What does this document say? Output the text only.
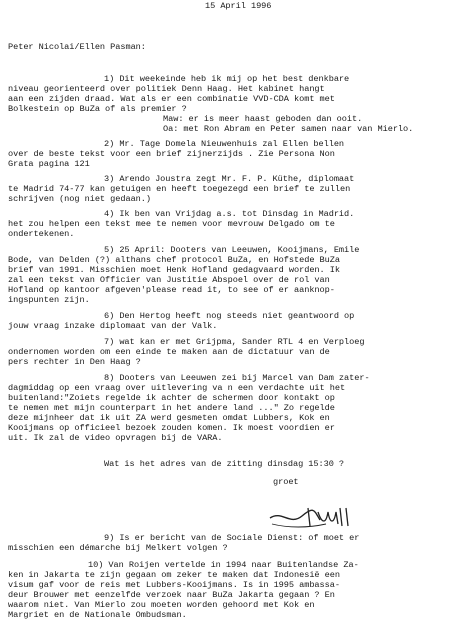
15 April 1996
Peter Nicolai/Ellen Pasman:
1) Dit weekeinde heb ik mij op het best denkbare
niveau georienteerd over politiek Denn Haag. Het kabinet hangt
aan een zijden draad. Wat als er een combinatie VVD-CDA komt met
Bolkestein op BuZa of als premier ?
Maw: er is meer haast geboden dan ooit.
Oa: met Ron Abram en Peter samen naar van Mierlo.
2) Mr. Tage Domela Nieuwenhuis zal Ellen bellen
over de beste tekst voor een brief zijnerzijds . Zie Persona Non
Grata pagina 121
3) Arendo Joustra zegt Mr. F. P. Küthe, diplomaat
te Madrid 74-77 kan getuigen en heeft toegezegd een brief te zullen
schrijven (nog niet gedaan.)
4) Ik ben van Vrijdag a.s. tot Dinsdag in Madrid.
het zou helpen een tekst mee te nemen voor mevrouw Delgado om te
ondertekenen.
5) 25 April: Dooters van Leeuwen, Kooijmans, Emile
Bode, van Delden (?) althans chef protocol BuZa, en Hofstede BuZa
brief van 1991. Misschien moet Henk Hofland gedagvaard worden. Ik
zal een tekst van Officier van Justitie Abspoel over de rol van
Hofland op kantoor afgeven'please read it, to see of er aanknop-
ingspunten zijn.
6) Den Hertog heeft nog steeds niet geantwoord op
jouw vraag inzake diplomaat van der Valk.
7) wat kan er met Grijpma, Sander RTL 4 en Verploeg
ondernomen worden om een einde te maken aan de dictatuur van de
pers rechter in Den Haag ?
8) Dooters van Leeuwen zei bij Marcel van Dam zater-
dagmiddag op een vraag over uitlevering va n een verdachte uit het
buitenland:"Zoiets regelde ik achter de schermen door kontakt op
te nemen met mijn counterpart in het andere land ..." Zo regelde
deze mijnheer dat ik uit ZA werd gesmeten omdat Lubbers, Kok en
Kooijmans op officieel bezoek zouden komen. Ik moest voordien er
uit. Ik zal de video opvragen bij de VARA.
Wat is het adres van de zitting dinsdag 15:30 ?
groet
9) Is er bericht van de Sociale Dienst: of moet er
misschien een démarche bij Melkert volgen ?
10) Van Roijen vertelde in 1994 naar Buitenlandse Za-
ken in Jakarta te zijn gegaan om zeker te maken dat Indonesië een
visum gaf voor de reis met Lubbers-Kooijmans. Is in 1995 ambassa-
deur Brouwer met eenzelfde verzoek naar BuZa Jakarta gegaan ? En
waarom niet. Van Mierlo zou moeten worden gehoord met Kok en
Margriet en de Nationale Ombudsman.
